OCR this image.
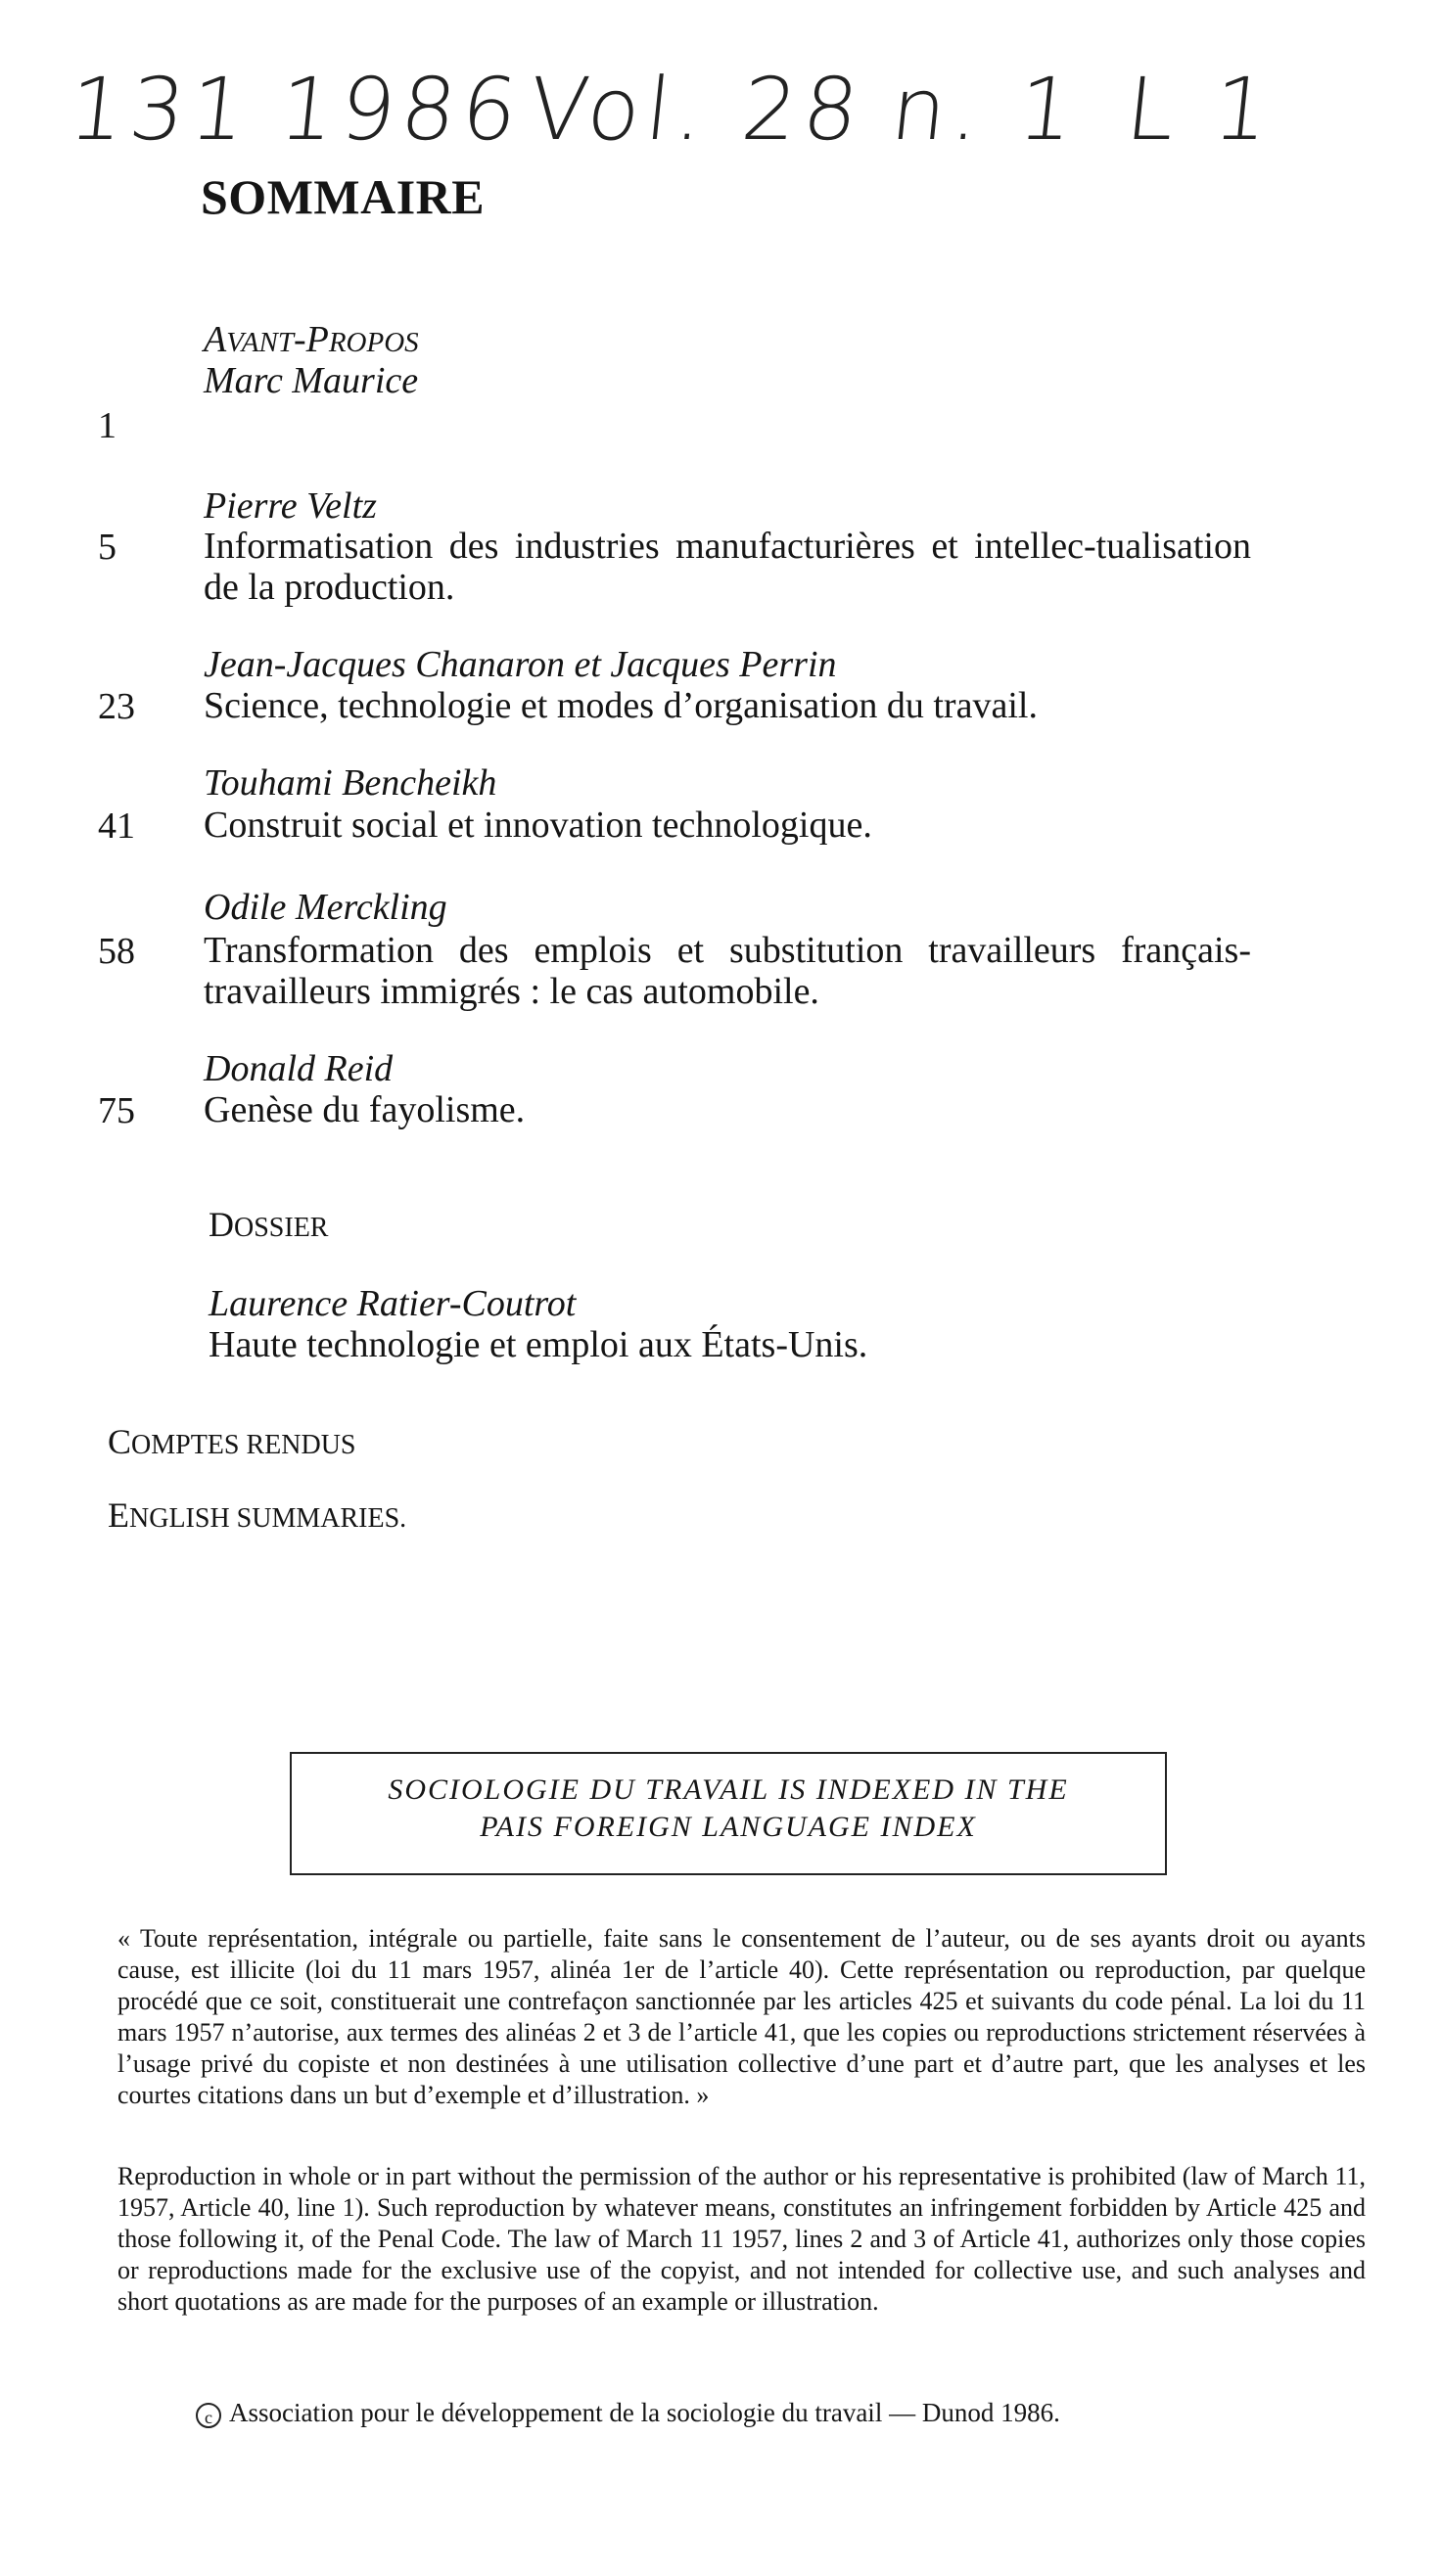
131 1986
Vol. 28 n. 1 L 1
SOMMAIRE
AVANT-PROPOS
Marc Maurice
1
Pierre Veltz
5 Informatisation des industries manufacturières et intellec-tualisation de la production.
Jean-Jacques Chanaron et Jacques Perrin
23 Science, technologie et modes d’organisation du travail.
Touhami Bencheikh
41 Construit social et innovation technologique.
Odile Merckling
58 Transformation des emplois et substitution travailleurs français-travailleurs immigrés : le cas automobile.
Donald Reid
75 Genèse du fayolisme.
DOSSIER
Laurence Ratier-Coutrot
Haute technologie et emploi aux États-Unis.
COMPTES RENDUS
ENGLISH SUMMARIES.
SOCIOLOGIE DU TRAVAIL IS INDEXED IN THE
PAIS FOREIGN LANGUAGE INDEX
« Toute représentation, intégrale ou partielle, faite sans le consentement de l’auteur, ou de ses ayants droit ou ayants cause, est illicite (loi du 11 mars 1957, alinéa 1er de l’article 40). Cette représentation ou reproduction, par quelque procédé que ce soit, constituerait une contrefaçon sanctionnée par les articles 425 et suivants du code pénal. La loi du 11 mars 1957 n’autorise, aux termes des alinéas 2 et 3 de l’article 41, que les copies ou reproductions strictement réservées à l’usage privé du copiste et non destinées à une utilisation collective d’une part et d’autre part, que les analyses et les courtes citations dans un but d’exemple et d’illustration. »
Reproduction in whole or in part without the permission of the author or his representative is prohibited (law of March 11, 1957, Article 40, line 1). Such reproduction by whatever means, constitutes an infringement forbidden by Article 425 and those following it, of the Penal Code. The law of March 11 1957, lines 2 and 3 of Article 41, authorizes only those copies or reproductions made for the exclusive use of the copyist, and not intended for collective use, and such analyses and short quotations as are made for the purposes of an example or illustration.
c Association pour le développement de la sociologie du travail — Dunod 1986.
